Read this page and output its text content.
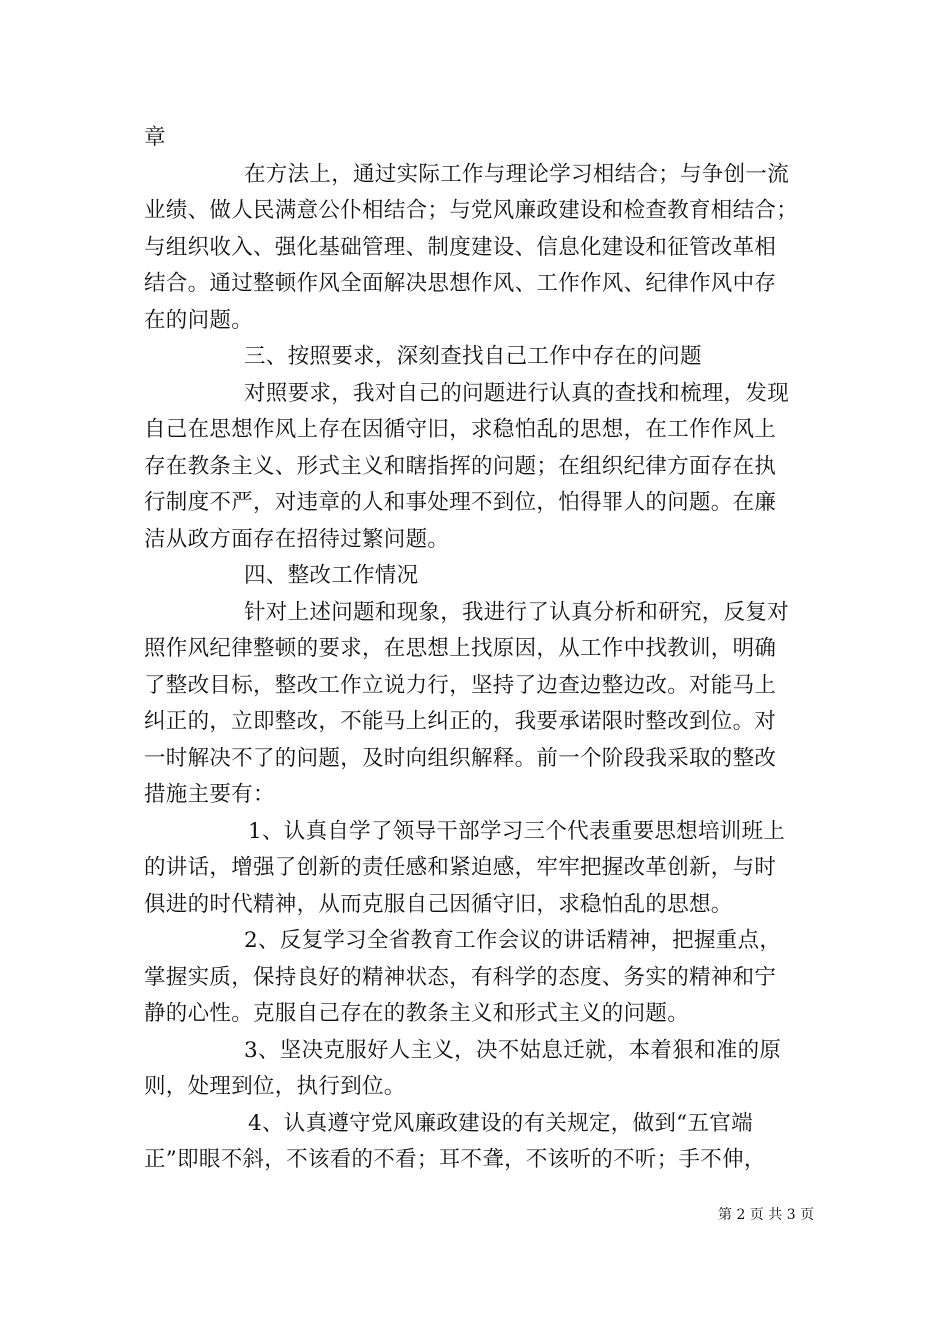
章
在方法上，通过实际工作与理论学习相结合；与争创一流
业绩、做人民满意公仆相结合；与党风廉政建设和检查教育相结合；
与组织收入、强化基础管理、制度建设、信息化建设和征管改革相
结合。通过整顿作风全面解决思想作风、工作作风、纪律作风中存
在的问题。
三、按照要求，深刻查找自己工作中存在的问题
对照要求，我对自己的问题进行认真的查找和梳理，发现
自己在思想作风上存在因循守旧，求稳怕乱的思想，在工作作风上
存在教条主义、形式主义和瞎指挥的问题；在组织纪律方面存在执
行制度不严，对违章的人和事处理不到位，怕得罪人的问题。在廉
洁从政方面存在招待过繁问题。
四、整改工作情况
针对上述问题和现象，我进行了认真分析和研究，反复对
照作风纪律整顿的要求，在思想上找原因，从工作中找教训，明确
了整改目标，整改工作立说力行，坚持了边查边整边改。对能马上
纠正的，立即整改，不能马上纠正的，我要承诺限时整改到位。对
一时解决不了的问题，及时向组织解释。前一个阶段我采取的整改
措施主要有：
1、认真自学了领导干部学习三个代表重要思想培训班上
的讲话，增强了创新的责任感和紧迫感，牢牢把握改革创新，与时
俱进的时代精神，从而克服自己因循守旧，求稳怕乱的思想。
2、反复学习全省教育工作会议的讲话精神，把握重点，
掌握实质，保持良好的精神状态，有科学的态度、务实的精神和宁
静的心性。克服自己存在的教条主义和形式主义的问题。
3、坚决克服好人主义，决不姑息迁就，本着狠和准的原
则，处理到位，执行到位。
4、认真遵守党风廉政建设的有关规定，做到“五官端
正”即眼不斜，不该看的不看；耳不聋，不该听的不听；手不伸，
第 2 页 共 3 页
